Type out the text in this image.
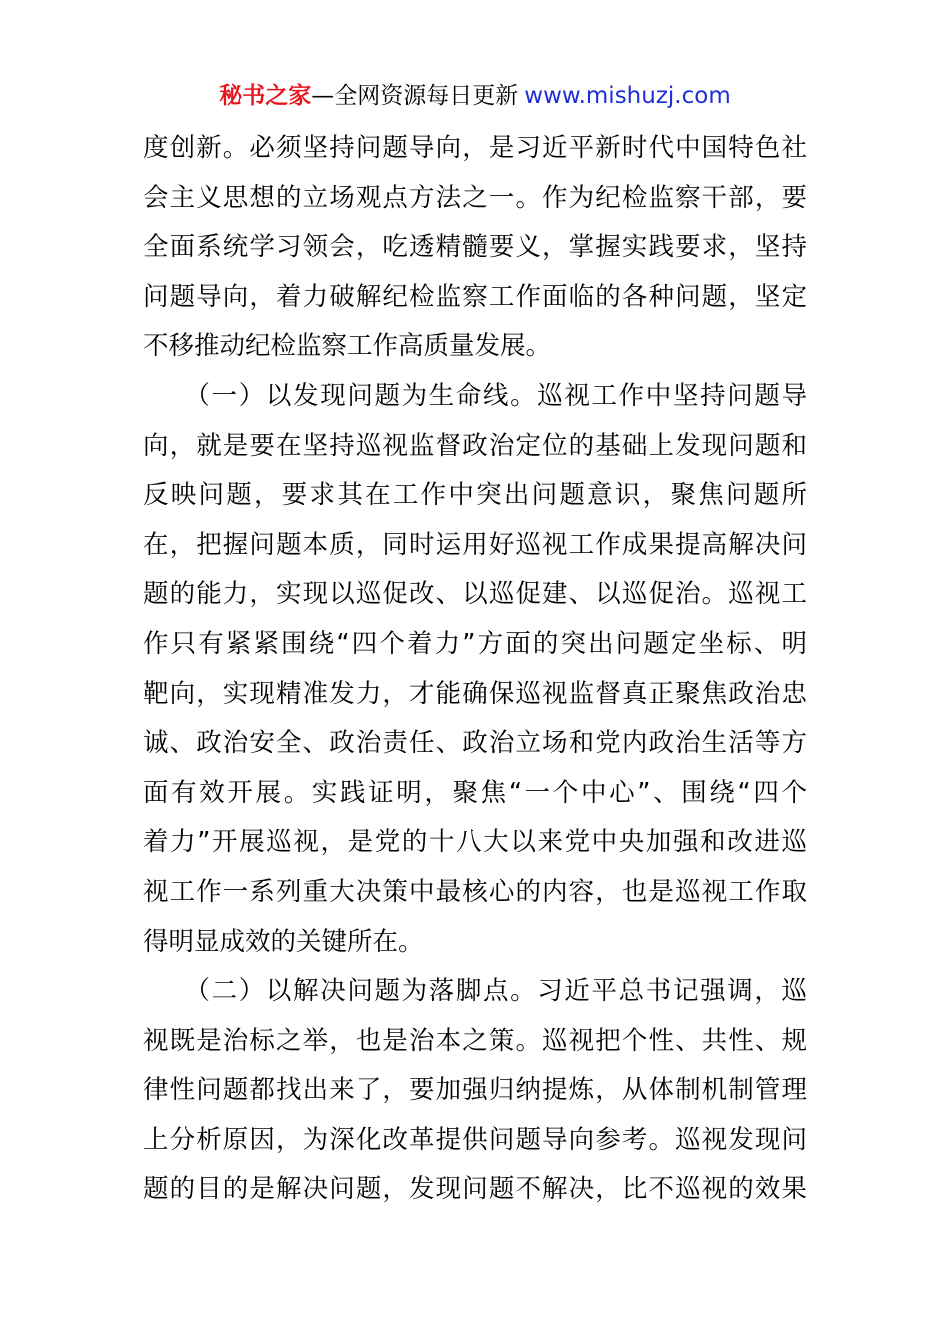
秘书之家—全网资源每日更新 www.mishuzj.com
度创新。必须坚持问题导向，是习近平新时代中国特色社
会主义思想的立场观点方法之一。作为纪检监察干部，要
全面系统学习领会，吃透精髓要义，掌握实践要求，坚持
问题导向，着力破解纪检监察工作面临的各种问题，坚定
不移推动纪检监察工作高质量发展。
　　（一）以发现问题为生命线。巡视工作中坚持问题导
向，就是要在坚持巡视监督政治定位的基础上发现问题和
反映问题，要求其在工作中突出问题意识，聚焦问题所
在，把握问题本质，同时运用好巡视工作成果提高解决问
题的能力，实现以巡促改、以巡促建、以巡促治。巡视工
作只有紧紧围绕“四个着力”方面的突出问题定坐标、明
靶向，实现精准发力，才能确保巡视监督真正聚焦政治忠
诚、政治安全、政治责任、政治立场和党内政治生活等方
面有效开展。实践证明，聚焦“一个中心”、围绕“四个
着力”开展巡视，是党的十八大以来党中央加强和改进巡
视工作一系列重大决策中最核心的内容，也是巡视工作取
得明显成效的关键所在。
　　（二）以解决问题为落脚点。习近平总书记强调，巡
视既是治标之举，也是治本之策。巡视把个性、共性、规
律性问题都找出来了，要加强归纳提炼，从体制机制管理
上分析原因，为深化改革提供问题导向参考。巡视发现问
题的目的是解决问题，发现问题不解决，比不巡视的效果
